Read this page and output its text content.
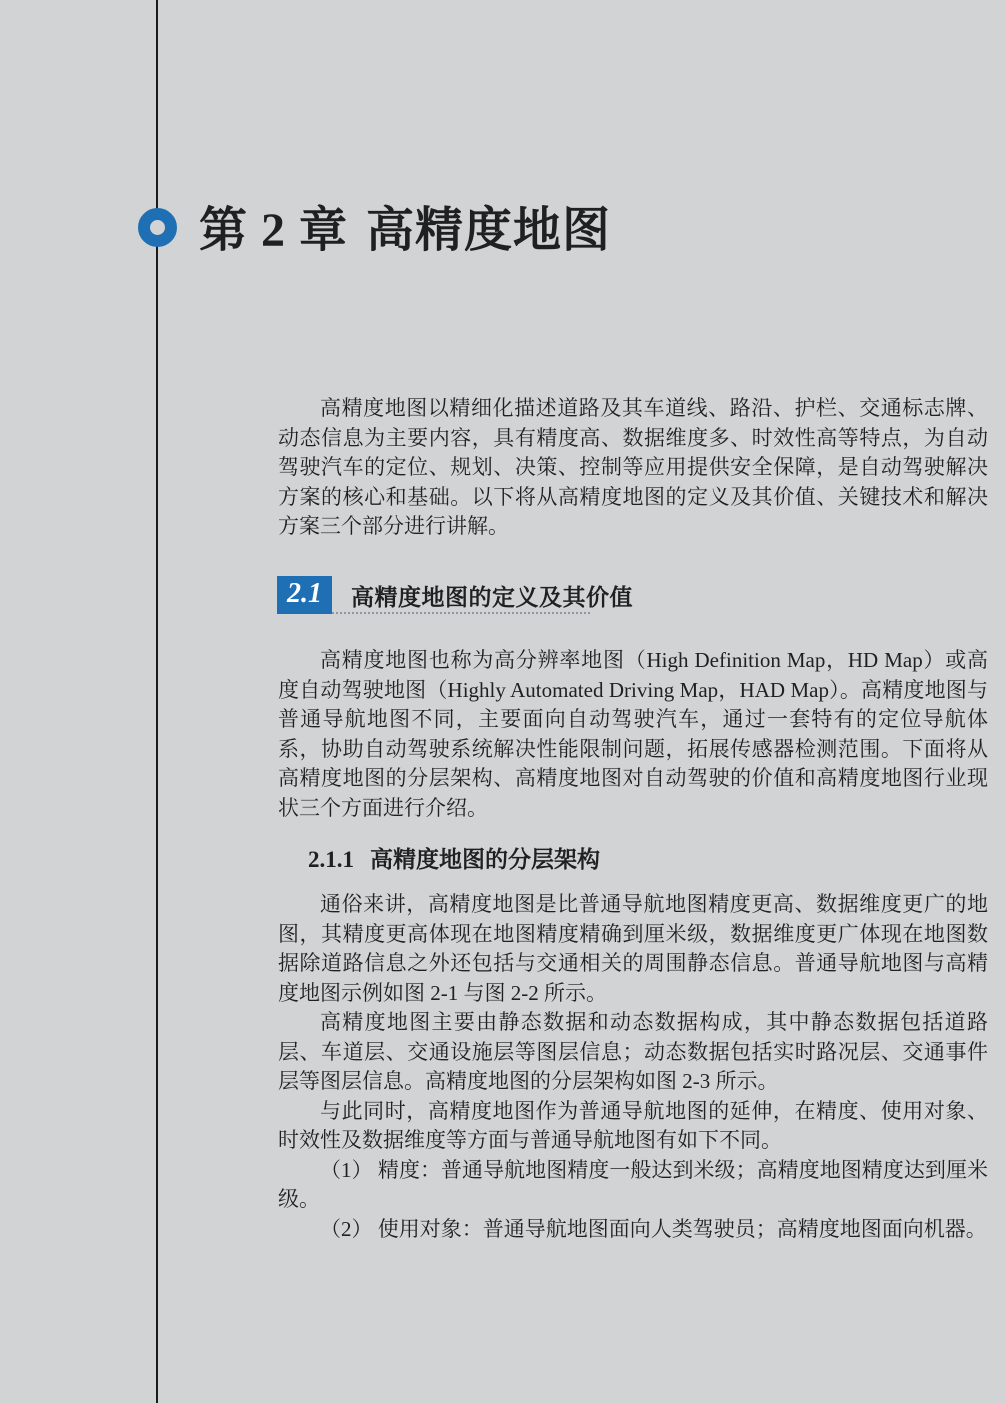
第 2 章 高精度地图

高精度地图以精细化描述道路及其车道线、路沿、护栏、交通标志牌、动态信息为主要内容，具有精度高、数据维度多、时效性高等特点，为自动驾驶汽车的定位、规划、决策、控制等应用提供安全保障，是自动驾驶解决方案的核心和基础。以下将从高精度地图的定义及其价值、关键技术和解决方案三个部分进行讲解。

2.1	高精度地图的定义及其价值

高精度地图也称为高分辨率地图（High Definition Map，HD Map）或高度自动驾驶地图（Highly Automated Driving Map，HAD Map）。高精度地图与普通导航地图不同，主要面向自动驾驶汽车，通过一套特有的定位导航体系，协助自动驾驶系统解决性能限制问题，拓展传感器检测范围。下面将从高精度地图的分层架构、高精度地图对自动驾驶的价值和高精度地图行业现状三个方面进行介绍。

2.1.1 高精度地图的分层架构

通俗来讲，高精度地图是比普通导航地图精度更高、数据维度更广的地图，其精度更高体现在地图精度精确到厘米级，数据维度更广体现在地图数据除道路信息之外还包括与交通相关的周围静态信息。普通导航地图与高精度地图示例如图 2-1 与图 2-2 所示。

高精度地图主要由静态数据和动态数据构成，其中静态数据包括道路层、车道层、交通设施层等图层信息；动态数据包括实时路况层、交通事件层等图层信息。高精度地图的分层架构如图 2-3 所示。

与此同时，高精度地图作为普通导航地图的延伸，在精度、使用对象、时效性及数据维度等方面与普通导航地图有如下不同。

（1） 精度：普通导航地图精度一般达到米级；高精度地图精度达到厘米级。

（2） 使用对象：普通导航地图面向人类驾驶员；高精度地图面向机器。
